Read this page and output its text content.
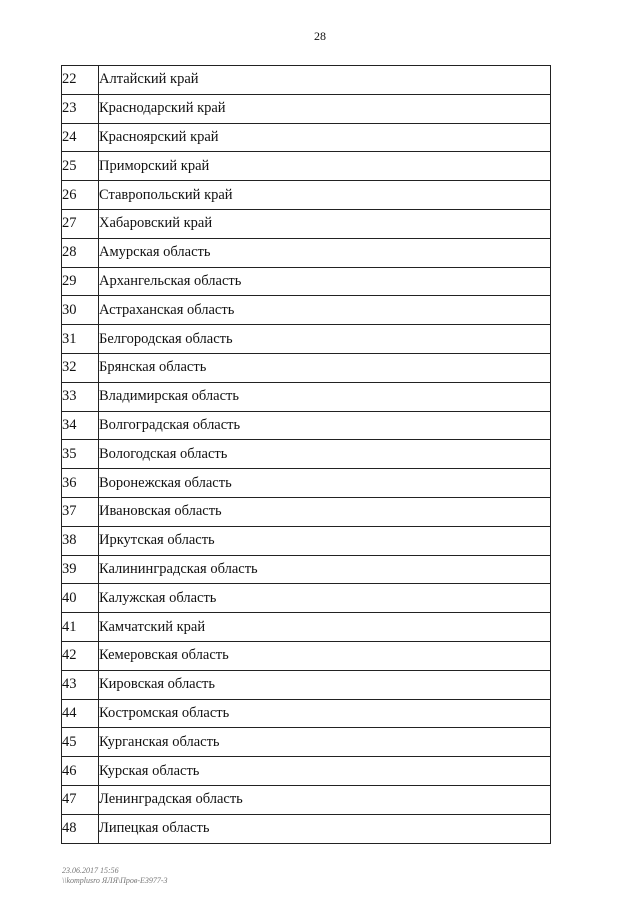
28
22	Алтайский край
23	Краснодарский край
24	Красноярский край
25	Приморский край
26	Ставропольский край
27	Хабаровский край
28	Амурская область
29	Архангельская область
30	Астраханская область
31	Белгородская область
32	Брянская область
33	Владимирская область
34	Волгоградская область
35	Вологодская область
36	Воронежская область
37	Ивановская область
38	Иркутская область
39	Калининградская область
40	Калужская область
41	Камчатский край
42	Кемеровская область
43	Кировская область
44	Костромская область
45	Курганская область
46	Курская область
47	Ленинградская область
48	Липецкая область
23.06.2017 15:56
\\komplusro ЯЛЯ\Пров-E3977-3
